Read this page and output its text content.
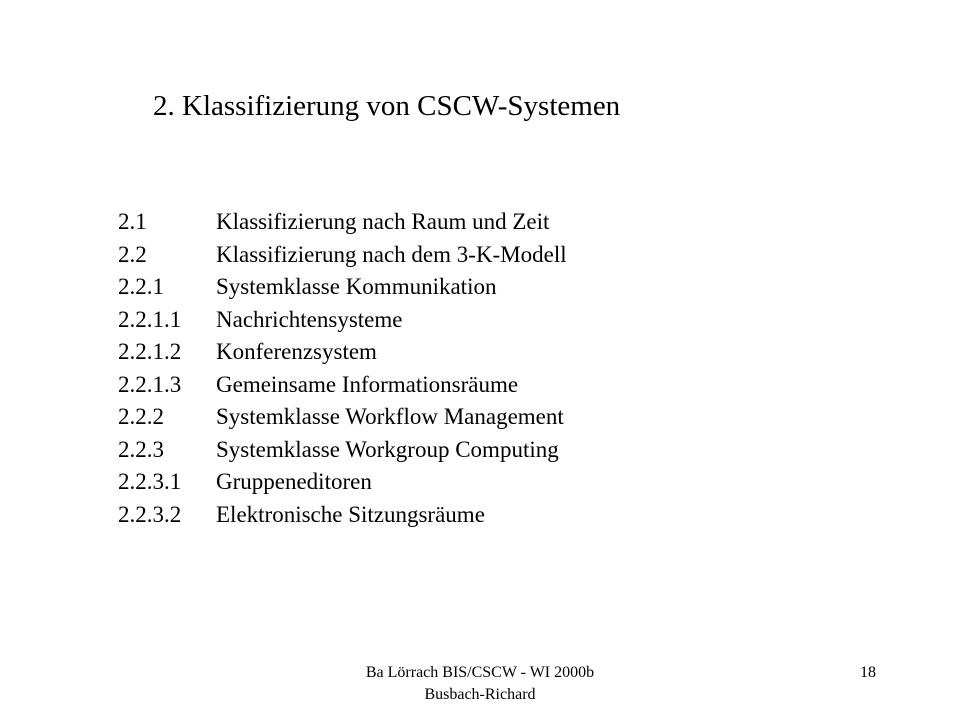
2. Klassifizierung von CSCW-Systemen
2.1	Klassifizierung nach Raum und Zeit
2.2	Klassifizierung nach dem 3-K-Modell
2.2.1	Systemklasse Kommunikation
2.2.1.1	Nachrichtensysteme
2.2.1.2	Konferenzsystem
2.2.1.3	Gemeinsame Informationsräume
2.2.2	Systemklasse Workflow Management
2.2.3	Systemklasse Workgroup Computing
2.2.3.1	Gruppeneditoren
2.2.3.2	Elektronische Sitzungsräume
Ba Lörrach BIS/CSCW - WI 2000b
Busbach-Richard
18
